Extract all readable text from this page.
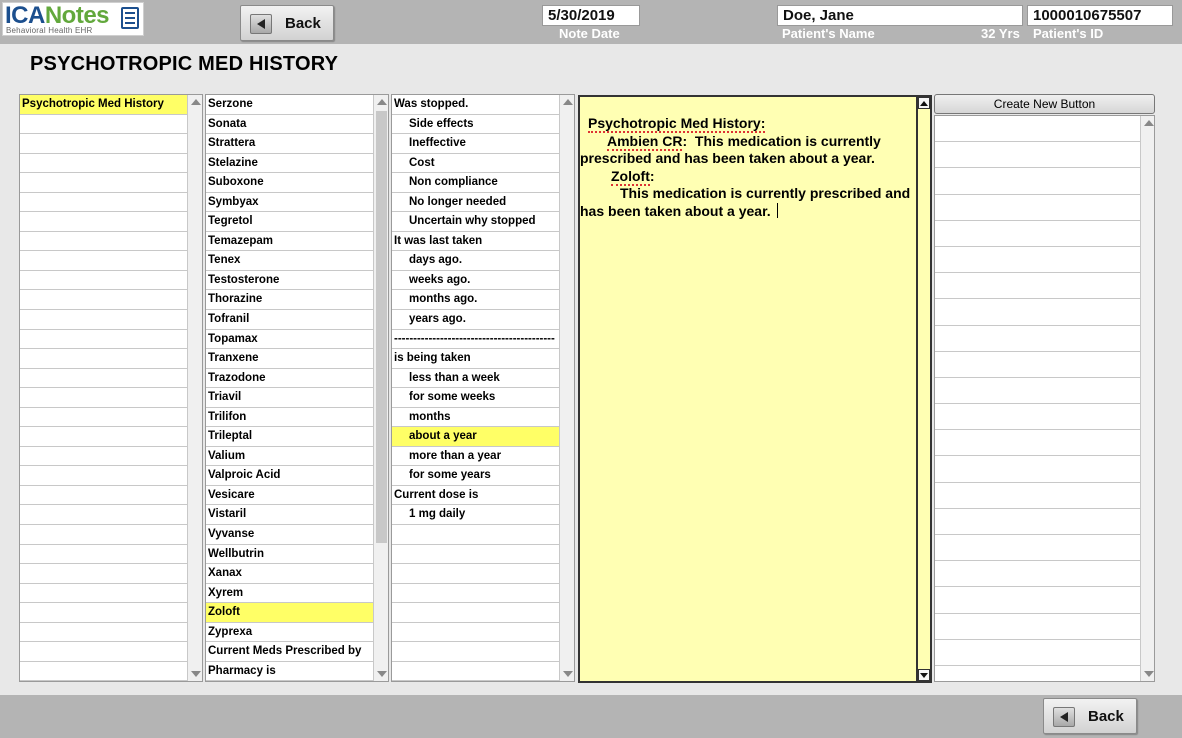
ICANotes
Behavioral Health EHR	Back	5/30/2019
Note Date
Doe, Jane
Patient's Name	32 Yrs
1000010675507
Patient's ID
PSYCHOTROPIC MED HISTORY
Psychotropic Med History	Serzone
Sonata
Strattera
Stelazine
Suboxone
Symbyax
Tegretol
Temazepam
Tenex
Testosterone
Thorazine
Tofranil
Topamax
Tranxene
Trazodone
Triavil
Trilifon
Trileptal
Valium
Valproic Acid
Vesicare
Vistaril
Vyvanse
Wellbutrin
Xanax
Xyrem
Zoloft
Zyprexa
Current Meds Prescribed by
Pharmacy is
Was stopped.
Side effects
Ineffective
Cost
Non compliance
No longer needed
Uncertain why stopped
It was last taken
days ago.
weeks ago.
months ago.
years ago.
------------------------------------------
is being taken
less than a week
for some weeks
months
about a year
more than a year
for some years
Current dose is
1 mg daily
Psychotropic Med History:
Ambien CR:  This medication is currently
prescribed and has been taken about a year.
Zoloft:
This medication is currently prescribed and
has been taken about a year.
Create New Button
Back
